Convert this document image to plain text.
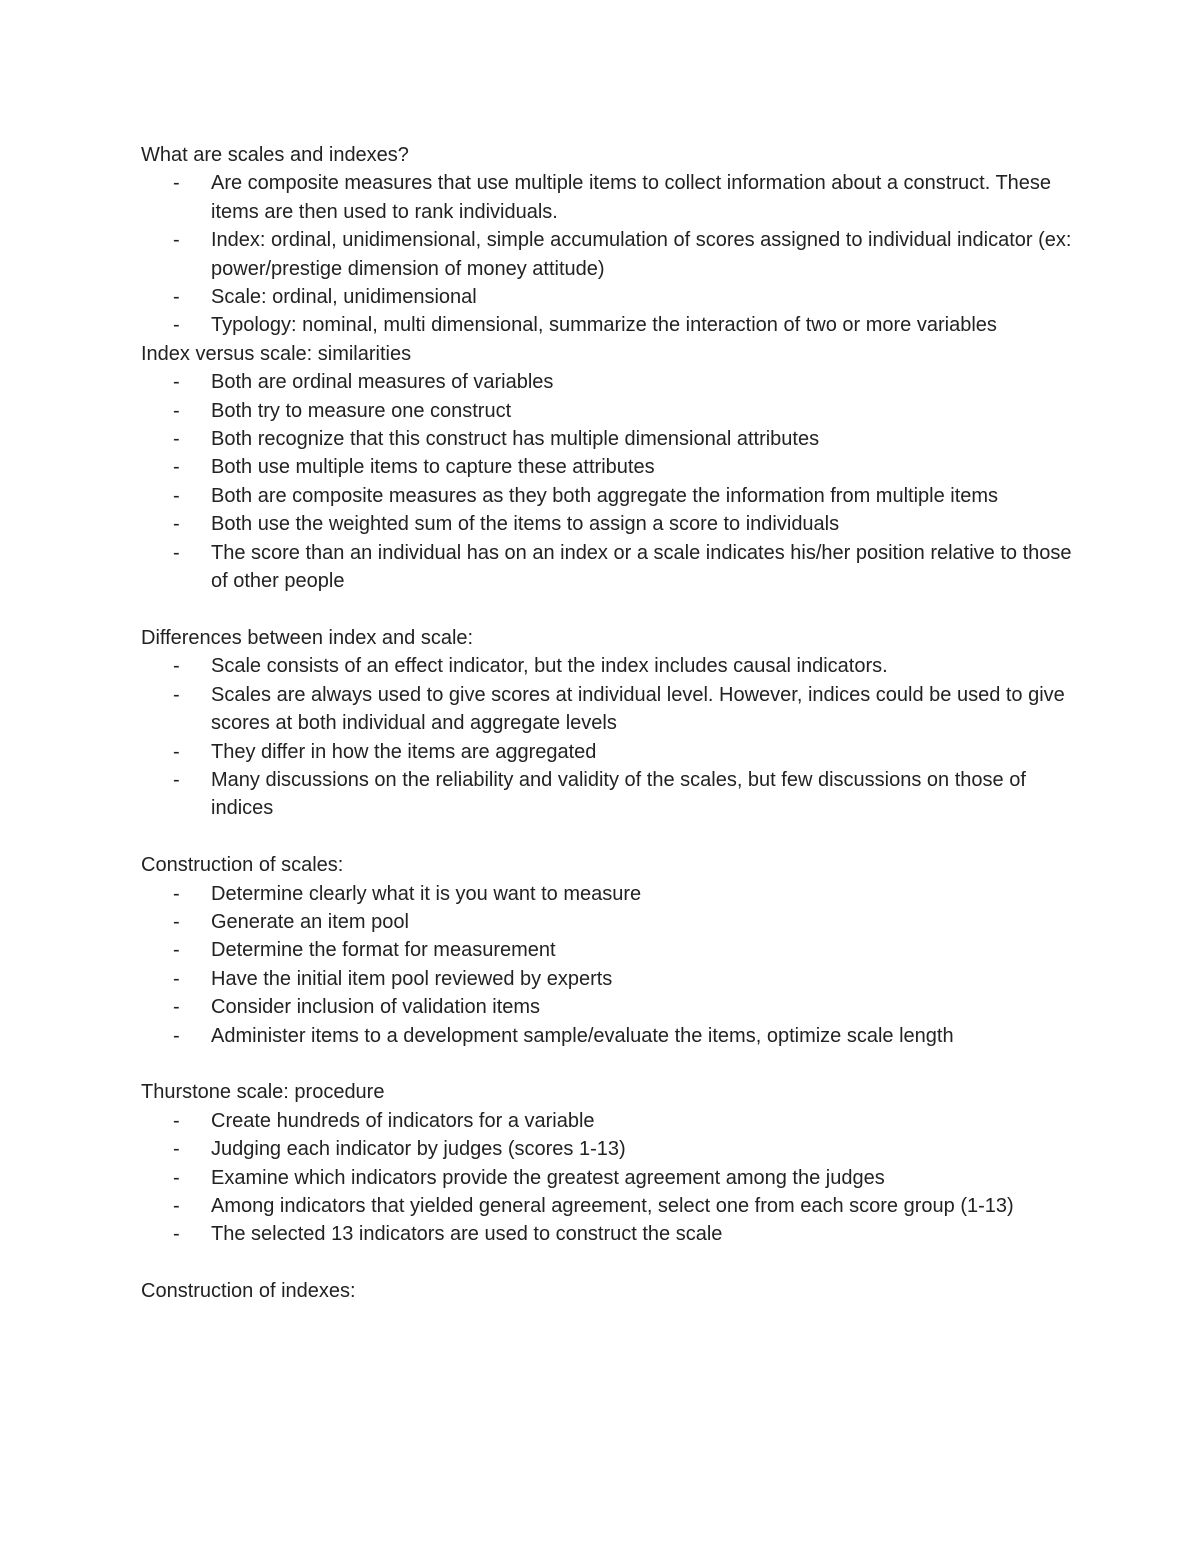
What are scales and indexes?

-	Are composite measures that use multiple items to collect information about a construct. These items are then used to rank individuals.
-	Index: ordinal, unidimensional, simple accumulation of scores assigned to individual indicator (ex: power/prestige dimension of money attitude)
-	Scale: ordinal, unidimensional
-	Typology: nominal, multi dimensional, summarize the interaction of two or more variables

Index versus scale: similarities

-	Both are ordinal measures of variables
-	Both try to measure one construct
-	Both recognize that this construct has multiple dimensional attributes
-	Both use multiple items to capture these attributes
-	Both are composite measures as they both aggregate the information from multiple items
-	Both use the weighted sum of the items to assign a score to individuals
-	The score than an individual has on an index or a scale indicates his/her position relative to those of other people

Differences between index and scale:

-	Scale consists of an effect indicator, but the index includes causal indicators.
-	Scales are always used to give scores at individual level. However, indices could be used to give scores at both individual and aggregate levels
-	They differ in how the items are aggregated
-	Many discussions on the reliability and validity of the scales, but few discussions on those of indices

Construction of scales:

-	Determine clearly what it is you want to measure
-	Generate an item pool
-	Determine the format for measurement
-	Have the initial item pool reviewed by experts
-	Consider inclusion of validation items
-	Administer items to a development sample/evaluate the items, optimize scale length

Thurstone scale: procedure

-	Create hundreds of indicators for a variable
-	Judging each indicator by judges (scores 1-13)
-	Examine which indicators provide the greatest agreement among the judges
-	Among indicators that yielded general agreement, select one from each score group (1-13)
-	The selected 13 indicators are used to construct the scale

Construction of indexes:
